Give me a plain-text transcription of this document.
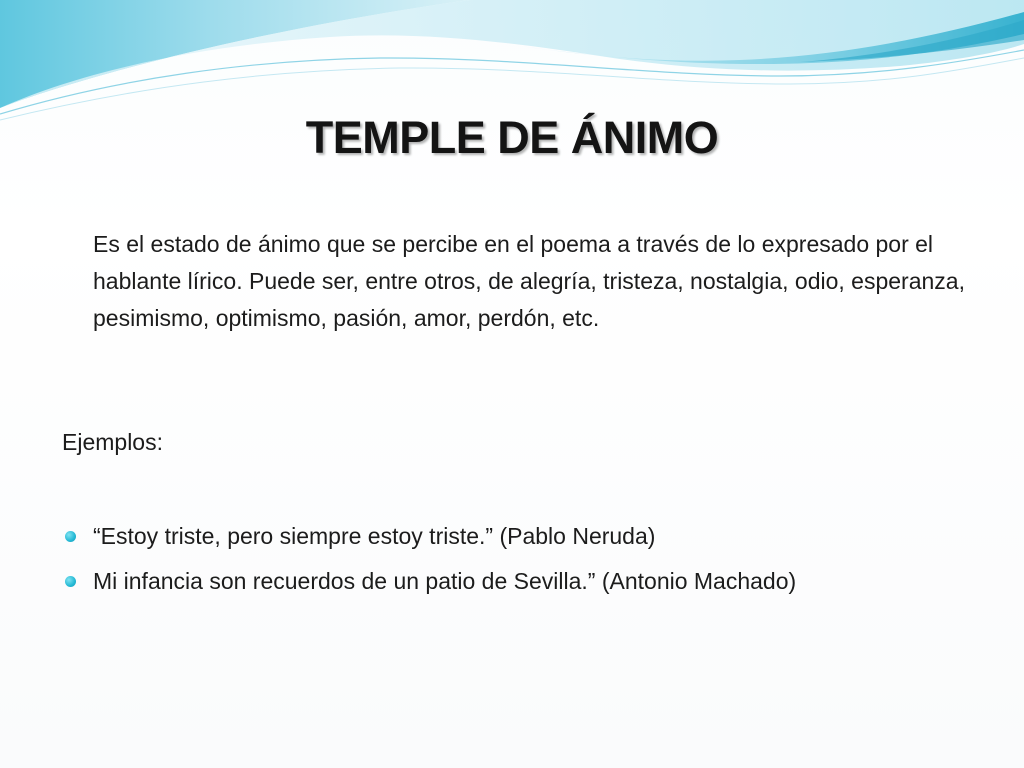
TEMPLE DE ÁNIMO

Es el estado de ánimo que se percibe en el poema a través de lo expresado por el hablante lírico. Puede ser, entre otros, de alegría, tristeza, nostalgia, odio, esperanza, pesimismo, optimismo, pasión, amor, perdón, etc.

Ejemplos:

“Estoy triste, pero siempre estoy triste.” (Pablo Neruda)
Mi infancia son recuerdos de un patio de Sevilla.” (Antonio Machado)
